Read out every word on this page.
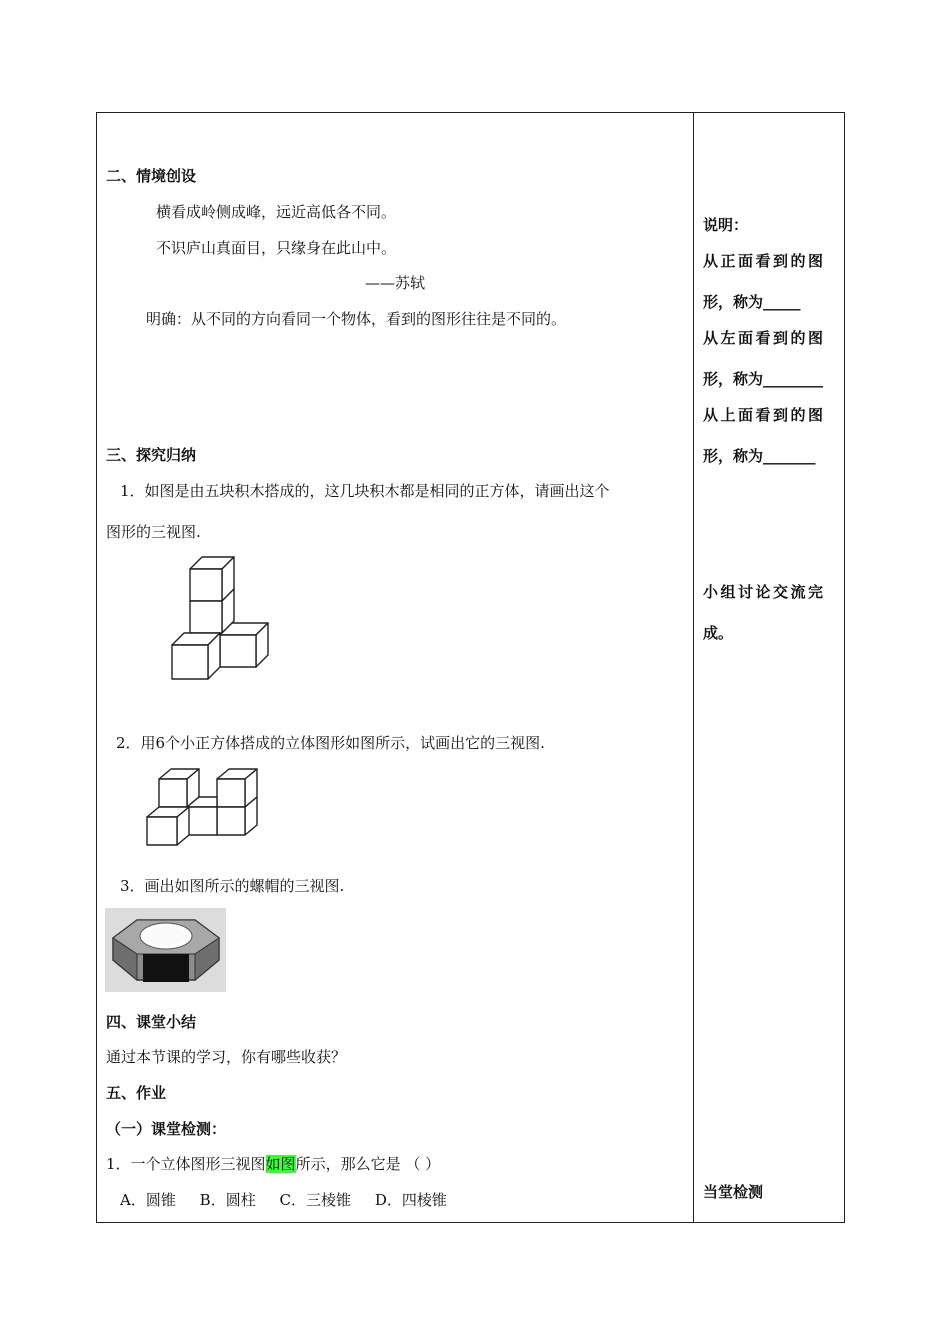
二、情境创设
横看成岭侧成峰，远近高低各不同。
不识庐山真面目，只缘身在此山中。
——苏轼
明确：从不同的方向看同一个物体，看到的图形往往是不同的。
三、探究归纳
1．如图是由五块积木搭成的，这几块积木都是相同的正方体，请画出这个
图形的三视图.
2．用6个小正方体搭成的立体图形如图所示，试画出它的三视图.
3．画出如图所示的螺帽的三视图.
四、课堂小结
通过本节课的学习，你有哪些收获？
五、作业
（一）课堂检测：
1．一个立体图形三视图如图所示，那么它是 （ ）
A．圆锥     B．圆柱     C．三棱锥     D．四棱锥
说明：
从正面看到的图
形，称为_____
从左面看到的图
形，称为________
从上面看到的图
形，称为_______
小组讨论交流完
成。
当堂检测
